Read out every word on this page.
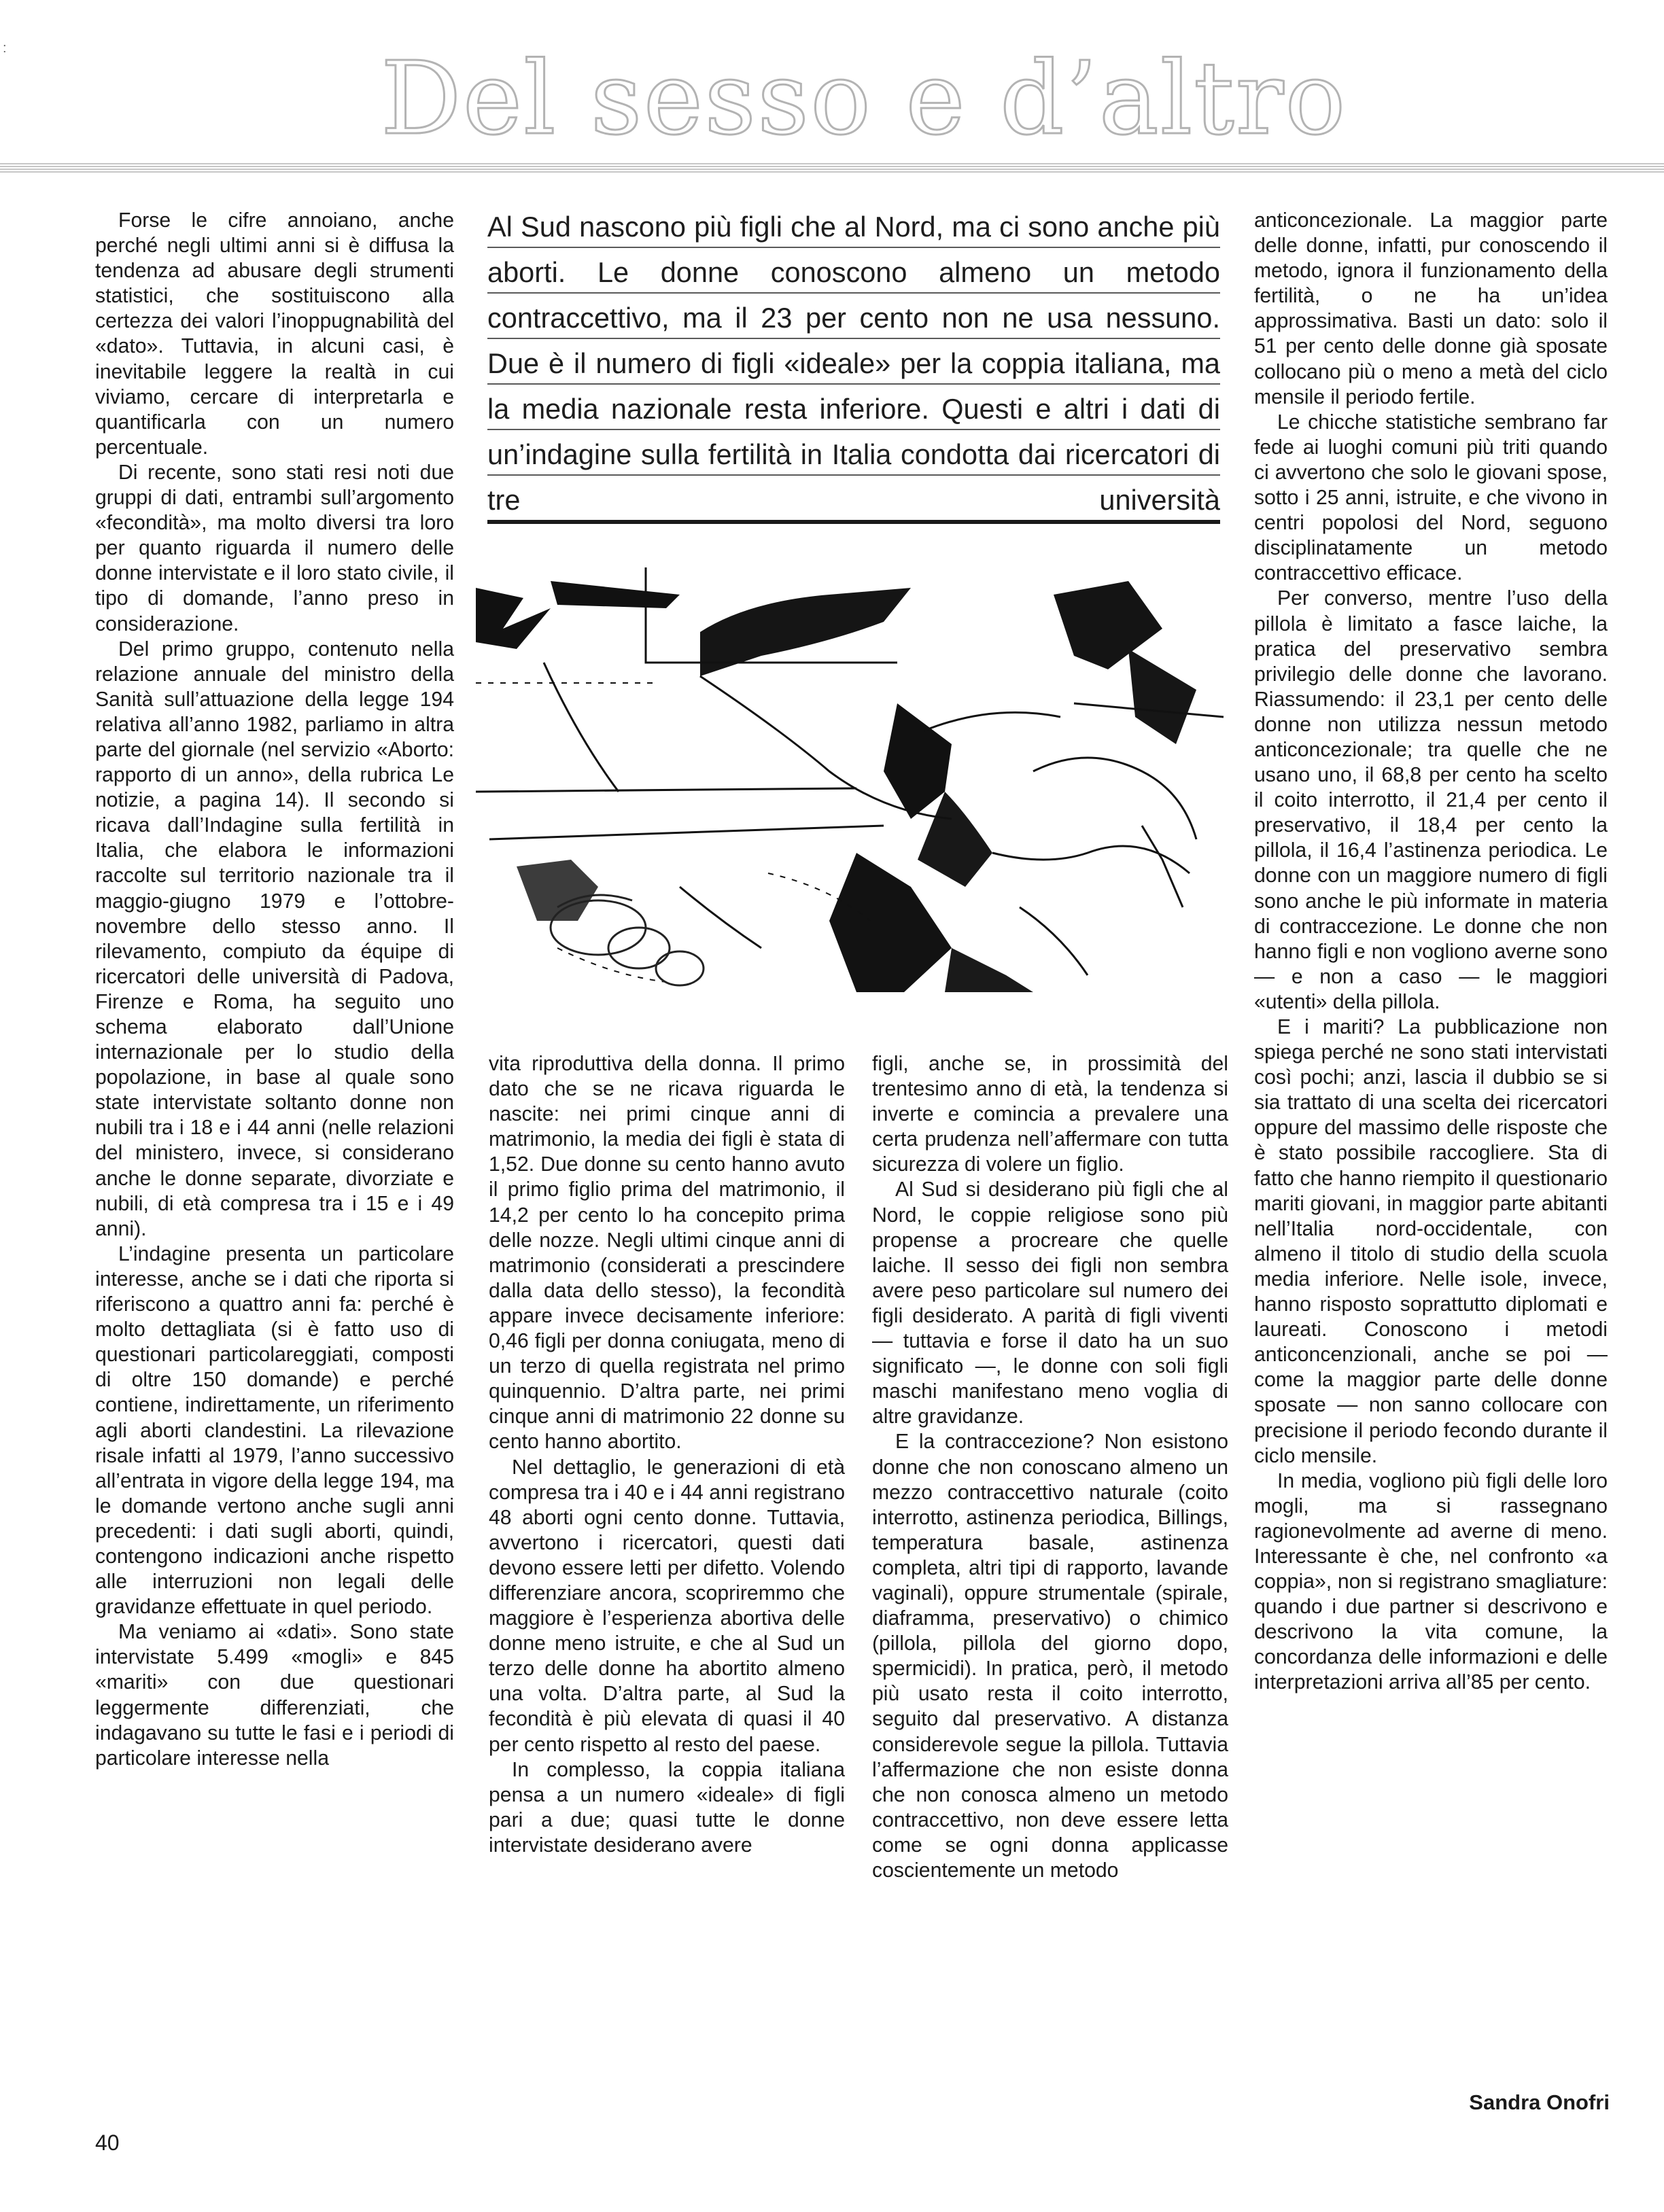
:	Del sesso e d’altro

Forse le cifre annoiano, anche perché negli ultimi anni si è diffusa la tendenza ad abusare degli strumenti statistici, che sostituiscono alla certezza dei valori l’inoppugnabilità del «dato». Tuttavia, in alcuni casi, è inevitabile leggere la realtà in cui viviamo, cercare di interpretarla e quantificarla con un numero percentuale.

Di recente, sono stati resi noti due gruppi di dati, entrambi sull’argomento «fecondità», ma molto diversi tra loro per quanto riguarda il numero delle donne intervistate e il loro stato civile, il tipo di domande, l’anno preso in considerazione.

Del primo gruppo, contenuto nella relazione annuale del ministro della Sanità sull’attuazione della legge 194 relativa all’anno 1982, parliamo in altra parte del giornale (nel servizio «Aborto: rapporto di un anno», della rubrica Le notizie, a pagina 14). Il secondo si ricava dall’Indagine sulla fertilità in Italia, che elabora le informazioni raccolte sul territorio nazionale tra il maggio-giugno 1979 e l’ottobre-novembre dello stesso anno. Il rilevamento, compiuto da équipe di ricercatori delle università di Padova, Firenze e Roma, ha seguito uno schema elaborato dall’Unione internazionale per lo studio della popolazione, in base al quale sono state intervistate soltanto donne non nubili tra i 18 e i 44 anni (nelle relazioni del ministero, invece, si considerano anche le donne separate, divorziate e nubili, di età compresa tra i 15 e i 49 anni).

L’indagine presenta un particolare interesse, anche se i dati che riporta si riferiscono a quattro anni fa: perché è molto dettagliata (si è fatto uso di questionari particolareggiati, composti di oltre 150 domande) e perché contiene, indirettamente, un riferimento agli aborti clandestini. La rilevazione risale infatti al 1979, l’anno successivo all’entrata in vigore della legge 194, ma le domande vertono anche sugli anni precedenti: i dati sugli aborti, quindi, contengono indicazioni anche rispetto alle interruzioni non legali delle gravidanze effettuate in quel periodo.

Ma veniamo ai «dati». Sono state intervistate 5.499 «mogli» e 845 «mariti» con due questionari leggermente differenziati, che indagavano su tutte le fasi e i periodi di particolare interesse nella

Al Sud nascono più figli che al Nord, ma ci sono anche più aborti. Le donne conoscono almeno un metodo contraccettivo, ma il 23 per cento non ne usa nessuno. Due è il numero di figli «ideale» per la coppia italiana, ma la media nazionale resta inferiore. Questi e altri i dati di un’indagine sulla fertilità in Italia condotta dai ricercatori di tre università

vita riproduttiva della donna. Il primo dato che se ne ricava riguarda le nascite: nei primi cinque anni di matrimonio, la media dei figli è stata di 1,52. Due donne su cento hanno avuto il primo figlio prima del matrimonio, il 14,2 per cento lo ha concepito prima delle nozze. Negli ultimi cinque anni di matrimonio (considerati a prescindere dalla data dello stesso), la fecondità appare invece decisamente inferiore: 0,46 figli per donna coniugata, meno di un terzo di quella registrata nel primo quinquennio. D’altra parte, nei primi cinque anni di matrimonio 22 donne su cento hanno abortito.

Nel dettaglio, le generazioni di età compresa tra i 40 e i 44 anni registrano 48 aborti ogni cento donne. Tuttavia, avvertono i ricercatori, questi dati devono essere letti per difetto. Volendo differenziare ancora, scopriremmo che maggiore è l’esperienza abortiva delle donne meno istruite, e che al Sud un terzo delle donne ha abortito almeno una volta. D’altra parte, al Sud la fecondità è più elevata di quasi il 40 per cento rispetto al resto del paese.

In complesso, la coppia italiana pensa a un numero «ideale» di figli pari a due; quasi tutte le donne intervistate desiderano avere

figli, anche se, in prossimità del trentesimo anno di età, la tendenza si inverte e comincia a prevalere una certa prudenza nell’affermare con tutta sicurezza di volere un figlio.

Al Sud si desiderano più figli che al Nord, le coppie religiose sono più propense a procreare che quelle laiche. Il sesso dei figli non sembra avere peso particolare sul numero dei figli desiderato. A parità di figli viventi — tuttavia e forse il dato ha un suo significato —, le donne con soli figli maschi manifestano meno voglia di altre gravidanze.

E la contraccezione? Non esistono donne che non conoscano almeno un mezzo contraccettivo naturale (coito interrotto, astinenza periodica, Billings, temperatura basale, astinenza completa, altri tipi di rapporto, lavande vaginali), oppure strumentale (spirale, diaframma, preservativo) o chimico (pillola, pillola del giorno dopo, spermicidi). In pratica, però, il metodo più usato resta il coito interrotto, seguito dal preservativo. A distanza considerevole segue la pillola. Tuttavia l’affermazione che non esiste donna che non conosca almeno un metodo contraccettivo, non deve essere letta come se ogni donna applicasse coscientemente un metodo

anticoncezionale. La maggior parte delle donne, infatti, pur conoscendo il metodo, ignora il funzionamento della fertilità, o ne ha un’idea approssimativa. Basti un dato: solo il 51 per cento delle donne già sposate collocano più o meno a metà del ciclo mensile il periodo fertile.

Le chicche statistiche sembrano far fede ai luoghi comuni più triti quando ci avvertono che solo le giovani spose, sotto i 25 anni, istruite, e che vivono in centri popolosi del Nord, seguono disciplinatamente un metodo contraccettivo efficace.

Per converso, mentre l’uso della pillola è limitato a fasce laiche, la pratica del preservativo sembra privilegio delle donne che lavorano. Riassumendo: il 23,1 per cento delle donne non utilizza nessun metodo anticoncezionale; tra quelle che ne usano uno, il 68,8 per cento ha scelto il coito interrotto, il 21,4 per cento il preservativo, il 18,4 per cento la pillola, il 16,4 l’astinenza periodica. Le donne con un maggiore numero di figli sono anche le più informate in materia di contraccezione. Le donne che non hanno figli e non vogliono averne sono — e non a caso — le maggiori «utenti» della pillola.

E i mariti? La pubblicazione non spiega perché ne sono stati intervistati così pochi; anzi, lascia il dubbio se si sia trattato di una scelta dei ricercatori oppure del massimo delle risposte che è stato possibile raccogliere. Sta di fatto che hanno riempito il questionario mariti giovani, in maggior parte abitanti nell’Italia nord-occidentale, con almeno il titolo di studio della scuola media inferiore. Nelle isole, invece, hanno risposto soprattutto diplomati e laureati. Conoscono i metodi anticoncenzionali, anche se poi — come la maggior parte delle donne sposate — non sanno collocare con precisione il periodo fecondo durante il ciclo mensile.

In media, vogliono più figli delle loro mogli, ma si rassegnano ragionevolmente ad averne di meno. Interessante è che, nel confronto «a coppia», non si registrano smagliature: quando i due partner si descrivono e descrivono la vita comune, la concordanza delle informazioni e delle interpretazioni arriva all’85 per cento.

Sandra Onofri
40
